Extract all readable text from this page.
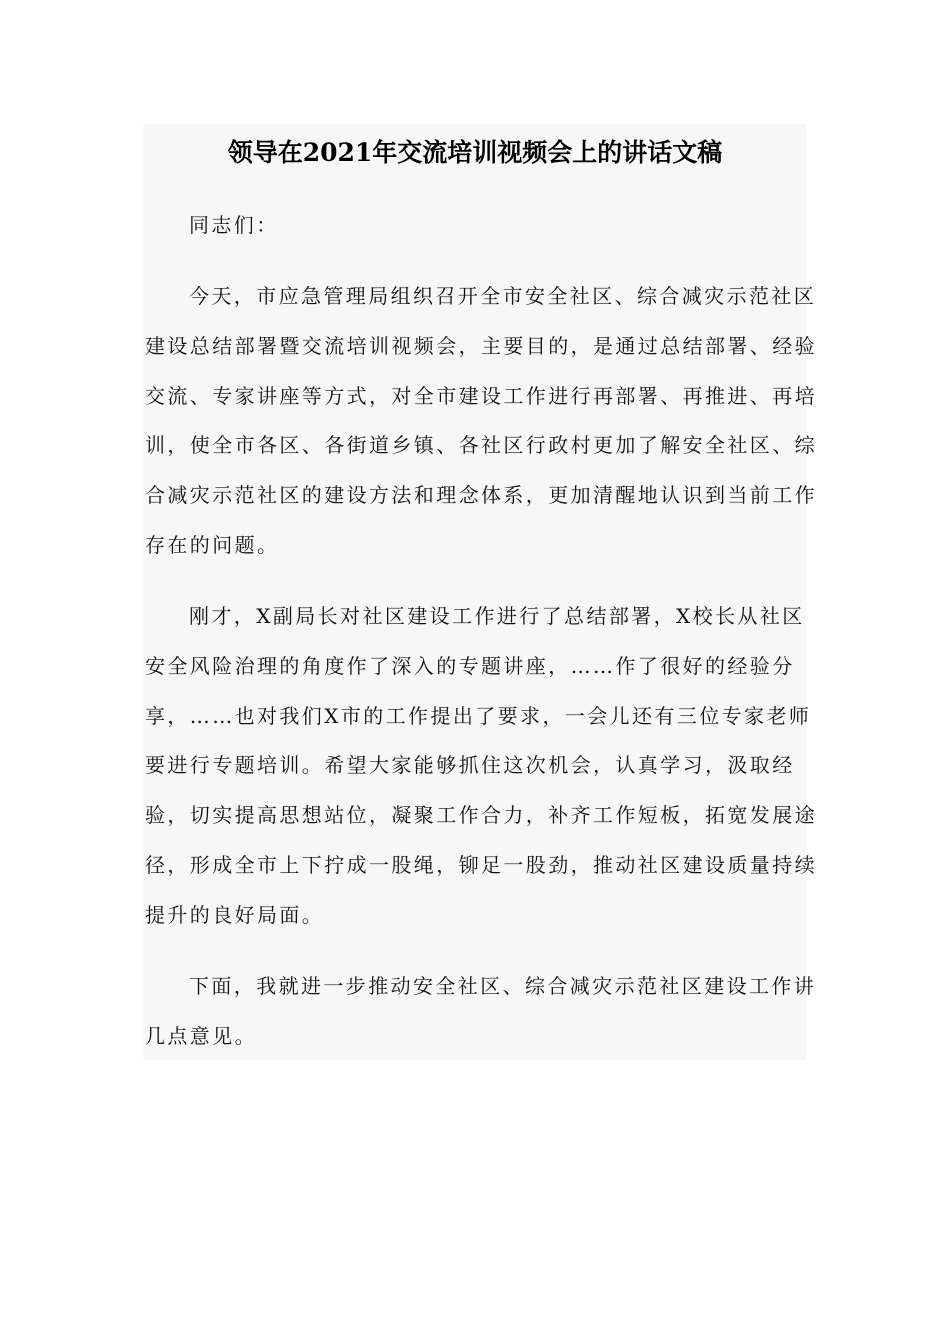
领导在2021年交流培训视频会上的讲话文稿

同志们：

今天，市应急管理局组织召开全市安全社区、综合减灾示范社区建设总结部署暨交流培训视频会，主要目的，是通过总结部署、经验交流、专家讲座等方式，对全市建设工作进行再部署、再推进、再培训，使全市各区、各街道乡镇、各社区行政村更加了解安全社区、综合减灾示范社区的建设方法和理念体系，更加清醒地认识到当前工作存在的问题。

刚才，X副局长对社区建设工作进行了总结部署，X校长从社区安全风险治理的角度作了深入的专题讲座，……作了很好的经验分享，……也对我们X市的工作提出了要求，一会儿还有三位专家老师要进行专题培训。希望大家能够抓住这次机会，认真学习，汲取经验，切实提高思想站位，凝聚工作合力，补齐工作短板，拓宽发展途径，形成全市上下拧成一股绳，铆足一股劲，推动社区建设质量持续提升的良好局面。

下面，我就进一步推动安全社区、综合减灾示范社区建设工作讲几点意见。
